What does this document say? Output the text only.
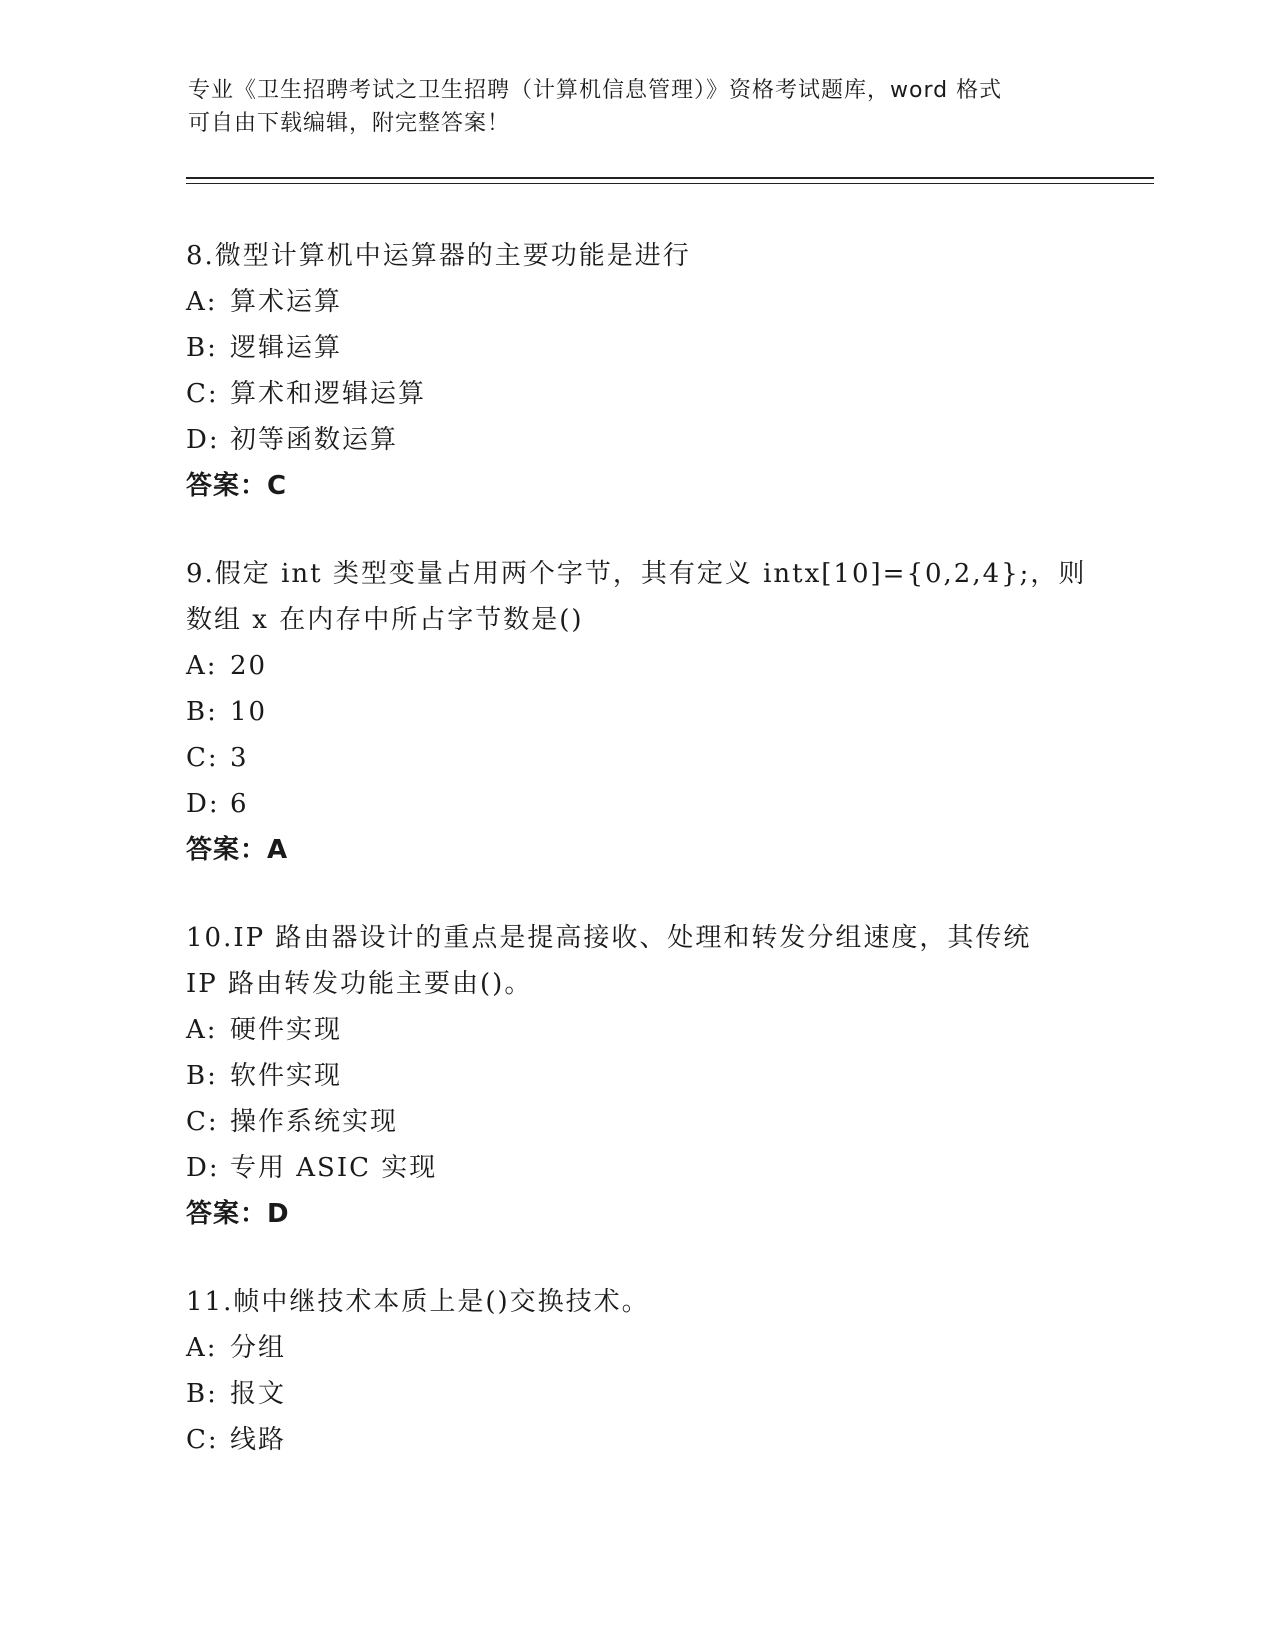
专业《卫生招聘考试之卫生招聘（计算机信息管理）》资格考试题库，word 格式
可自由下载编辑，附完整答案！
8.微型计算机中运算器的主要功能是进行
A: 算术运算
B: 逻辑运算
C: 算术和逻辑运算
D: 初等函数运算
答案：C
9.假定 int 类型变量占用两个字节，其有定义 intx[10]={0,2,4};，则
数组 x 在内存中所占字节数是()
A: 20
B: 10
C: 3
D: 6
答案：A
10.IP 路由器设计的重点是提高接收、处理和转发分组速度，其传统
IP 路由转发功能主要由()。
A: 硬件实现
B: 软件实现
C: 操作系统实现
D: 专用 ASIC 实现
答案：D
11.帧中继技术本质上是()交换技术。
A: 分组
B: 报文
C: 线路
